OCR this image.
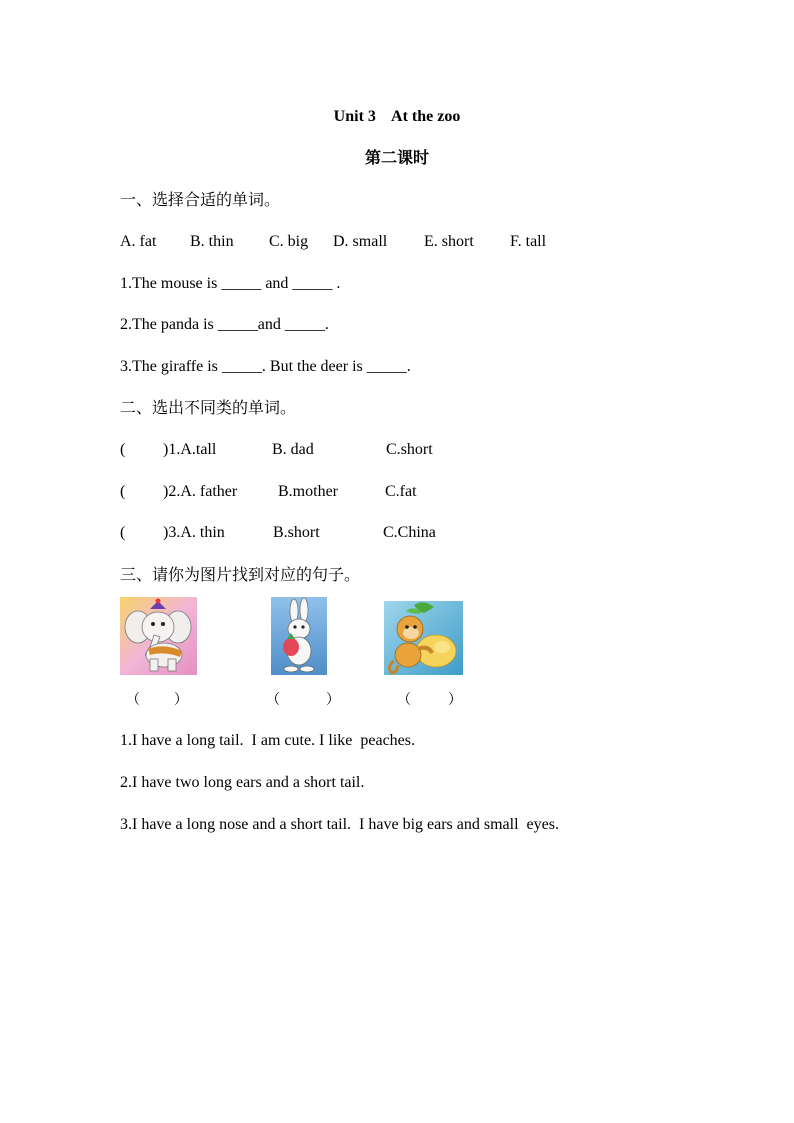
Unit 3    At the zoo
第二课时
一、选择合适的单词。
A. fat B. thin C. big D. small E. short F. tall
1.The mouse is _____ and _____ .
2.The panda is _____and _____.
3.The giraffe is _____. But the deer is _____.
二、选出不同类的单词。
( )1.A.tall	B. dad	C.short
( )2.A. father	B.mother	C.fat
( )3.A. thin	B.short	C.China
三、请你为图片找到对应的句子。
（ ）	（	）	（	）
1.I have a long tail.  I am cute. I like  peaches.
2.I have two long ears and a short tail.
3.I have a long nose and a short tail.  I have big ears and small  eyes.
